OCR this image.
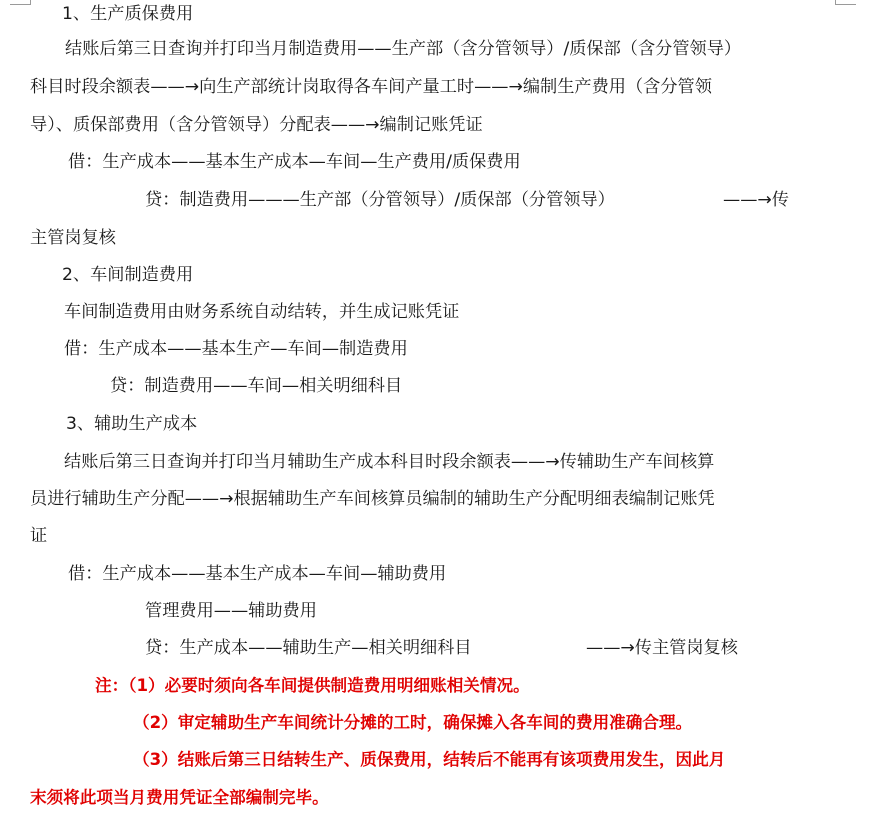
1、生产质保费用
结账后第三日查询并打印当月制造费用——生产部（含分管领导）/质保部（含分管领导）
科目时段余额表——→向生产部统计岗取得各车间产量工时——→编制生产费用（含分管领
导）、质保部费用（含分管领导）分配表——→编制记账凭证
借：生产成本——基本生产成本—车间—生产费用/质保费用
贷：制造费用———生产部（分管领导）/质保部（分管领导）	——→传
主管岗复核
2、车间制造费用
车间制造费用由财务系统自动结转，并生成记账凭证
借：生产成本——基本生产—车间—制造费用
贷：制造费用——车间—相关明细科目
3、辅助生产成本
结账后第三日查询并打印当月辅助生产成本科目时段余额表——→传辅助生产车间核算
员进行辅助生产分配——→根据辅助生产车间核算员编制的辅助生产分配明细表编制记账凭
证
借：生产成本——基本生产成本—车间—辅助费用
管理费用——辅助费用
贷：生产成本——辅助生产—相关明细科目	——→传主管岗复核
注：（1）必要时须向各车间提供制造费用明细账相关情况。
（2）审定辅助生产车间统计分摊的工时，确保摊入各车间的费用准确合理。
（3）结账后第三日结转生产、质保费用，结转后不能再有该项费用发生，因此月
末须将此项当月费用凭证全部编制完毕。
